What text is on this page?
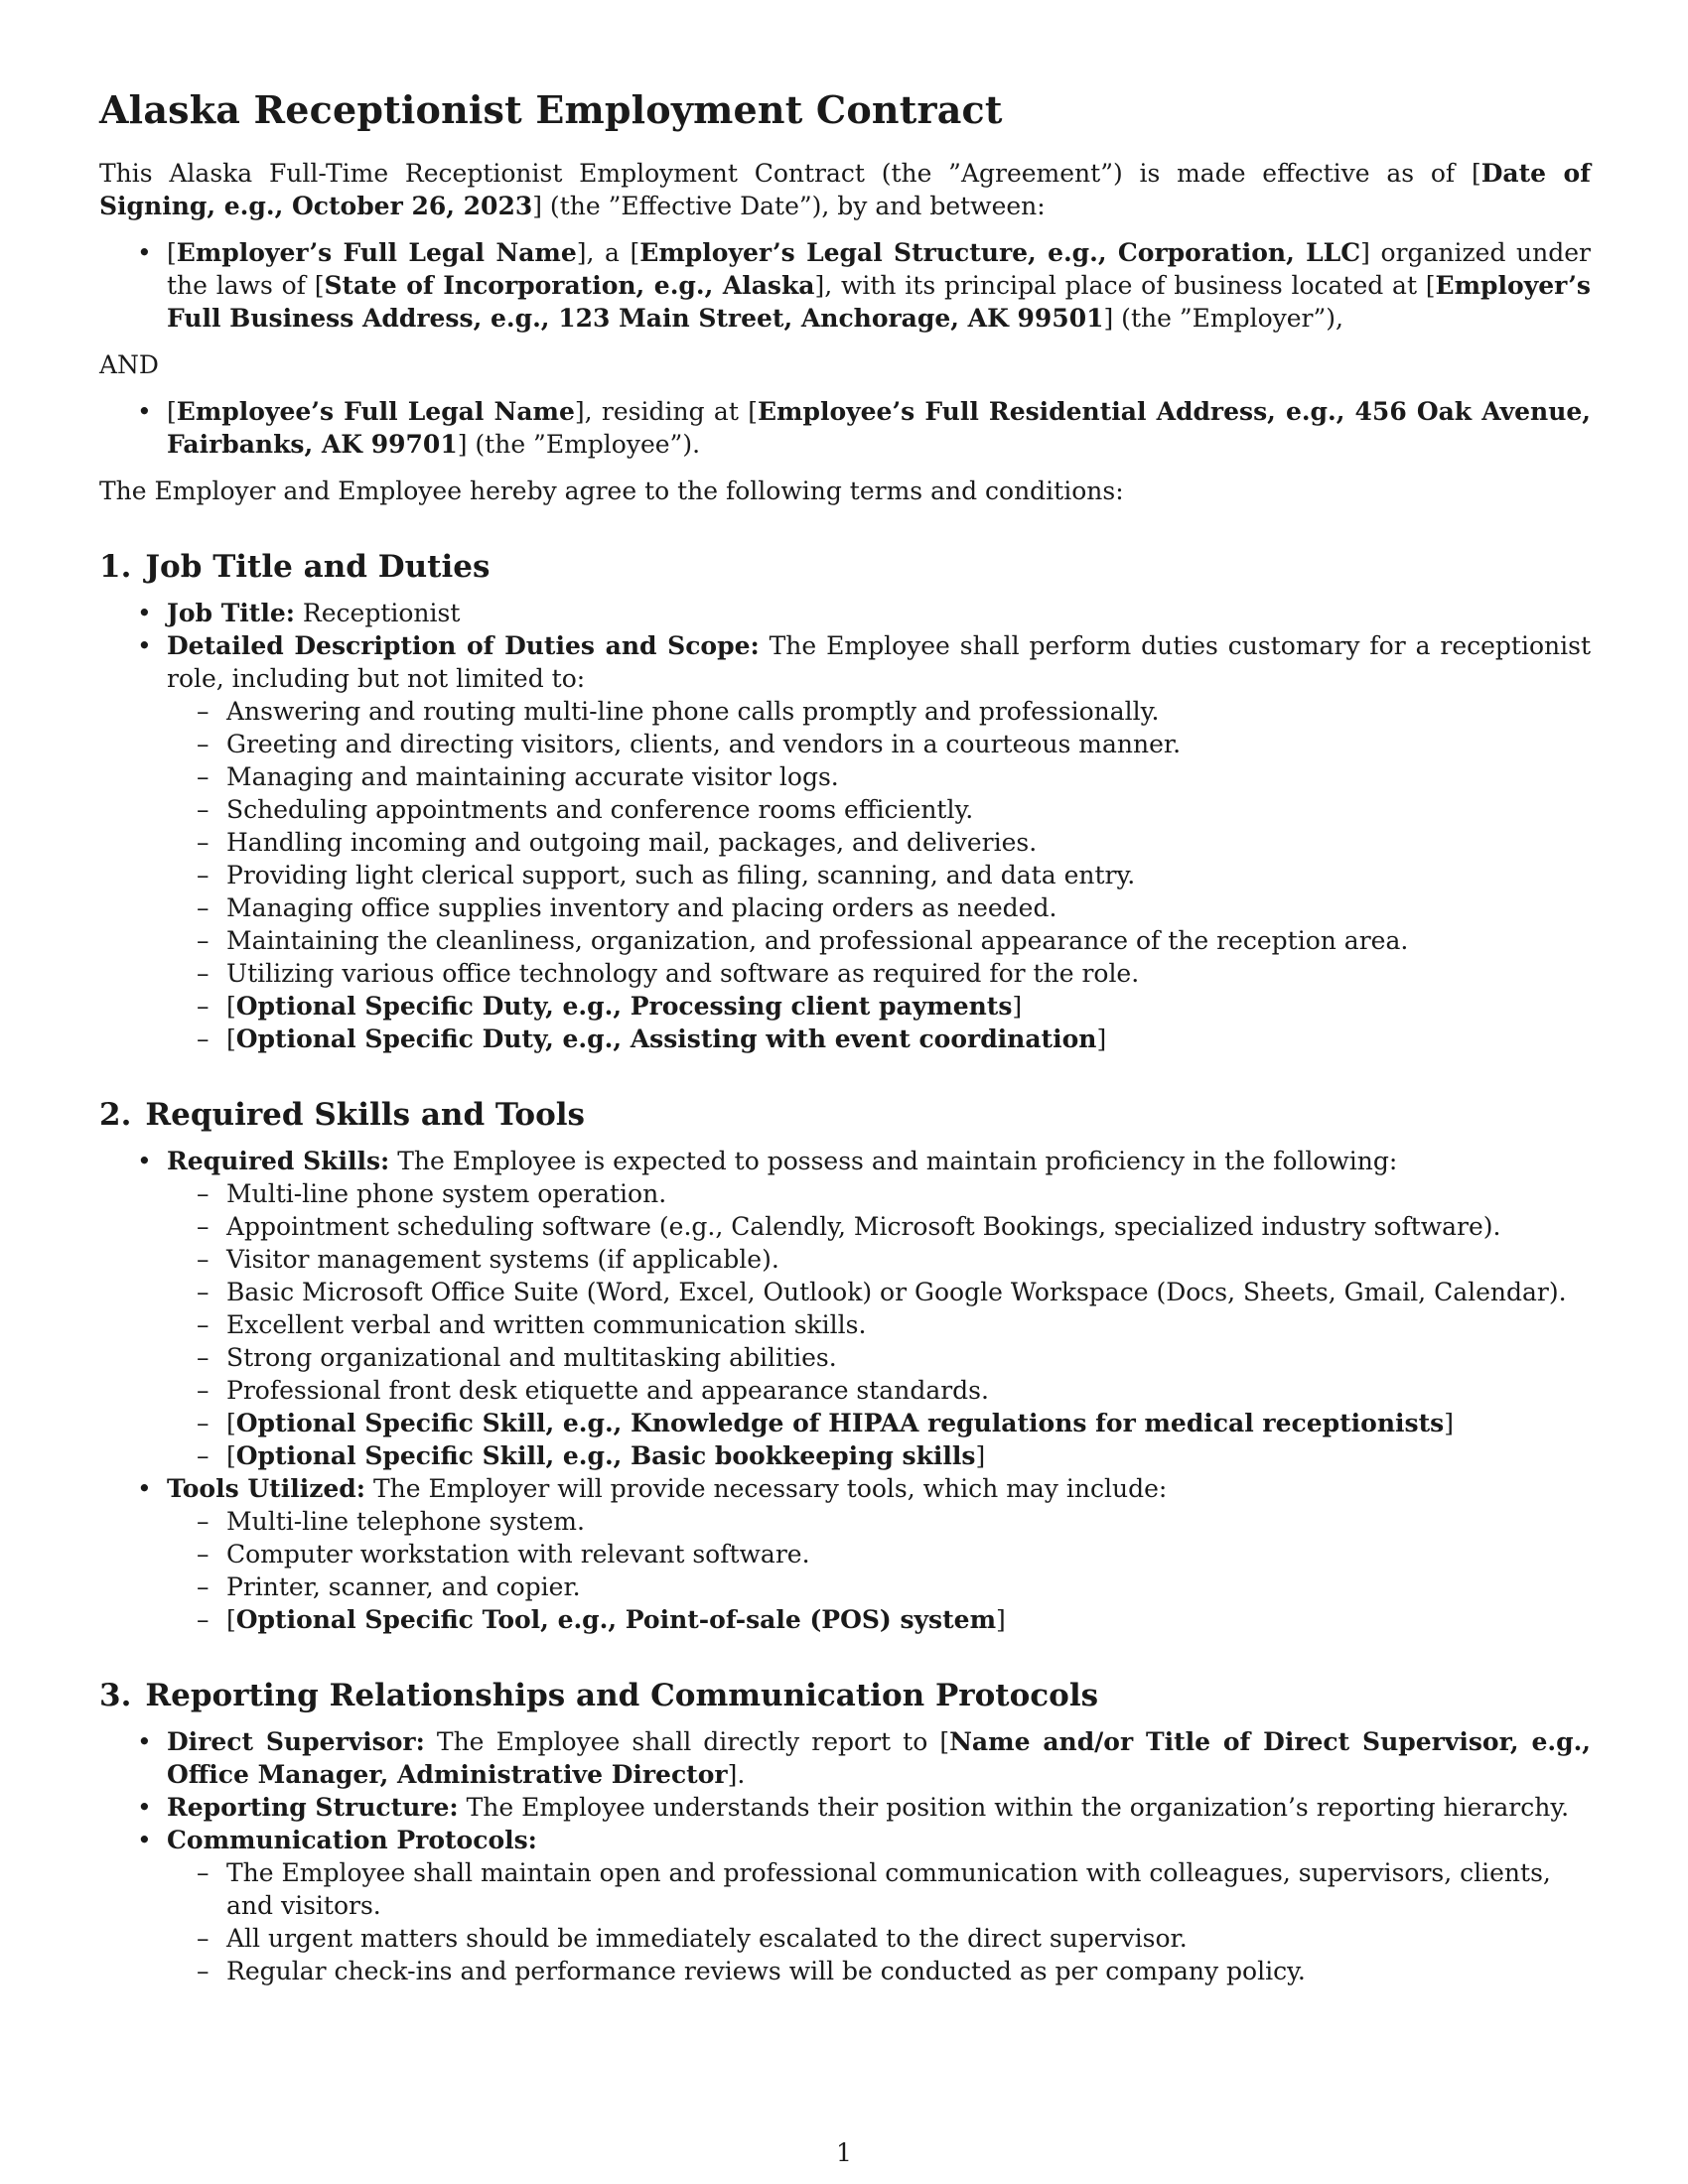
Alaska Receptionist Employment Contract

This Alaska Full-Time Receptionist Employment Contract (the ”Agreement”) is made effective as of [Date of Signing, e.g., October 26, 2023] (the ”Effective Date”), by and between:

• [Employer’s Full Legal Name], a [Employer’s Legal Structure, e.g., Corporation, LLC] organized under the laws of [State of Incorporation, e.g., Alaska], with its principal place of business located at [Employer’s Full Business Address, e.g., 123 Main Street, Anchorage, AK 99501] (the ”Employer”),
AND
• [Employee’s Full Legal Name], residing at [Employee’s Full Residential Address, e.g., 456 Oak Avenue, Fairbanks, AK 99701] (the ”Employee”).

The Employer and Employee hereby agree to the following terms and conditions:

1. Job Title and Duties
• Job Title: Receptionist
• Detailed Description of Duties and Scope: The Employee shall perform duties customary for a receptionist role, including but not limited to:
– Answering and routing multi-line phone calls promptly and professionally.
– Greeting and directing visitors, clients, and vendors in a courteous manner.
– Managing and maintaining accurate visitor logs.
– Scheduling appointments and conference rooms efficiently.
– Handling incoming and outgoing mail, packages, and deliveries.
– Providing light clerical support, such as filing, scanning, and data entry.
– Managing office supplies inventory and placing orders as needed.
– Maintaining the cleanliness, organization, and professional appearance of the reception area.
– Utilizing various office technology and software as required for the role.
– [Optional Specific Duty, e.g., Processing client payments]
– [Optional Specific Duty, e.g., Assisting with event coordination]
2. Required Skills and Tools
• Required Skills: The Employee is expected to possess and maintain proficiency in the following:
– Multi-line phone system operation.
– Appointment scheduling software (e.g., Calendly, Microsoft Bookings, specialized industry software).
– Visitor management systems (if applicable).
– Basic Microsoft Office Suite (Word, Excel, Outlook) or Google Workspace (Docs, Sheets, Gmail, Calendar).
– Excellent verbal and written communication skills.
– Strong organizational and multitasking abilities.
– Professional front desk etiquette and appearance standards.
– [Optional Specific Skill, e.g., Knowledge of HIPAA regulations for medical receptionists]
– [Optional Specific Skill, e.g., Basic bookkeeping skills]
• Tools Utilized: The Employer will provide necessary tools, which may include:
– Multi-line telephone system.
– Computer workstation with relevant software.
– Printer, scanner, and copier.
– [Optional Specific Tool, e.g., Point-of-sale (POS) system]
3. Reporting Relationships and Communication Protocols
• Direct Supervisor: The Employee shall directly report to [Name and/or Title of Direct Supervisor, e.g., Office Manager, Administrative Director].
• Reporting Structure: The Employee understands their position within the organization’s reporting hierarchy.
• Communication Protocols:
– The Employee shall maintain open and professional communication with colleagues, supervisors, clients, and visitors.
– All urgent matters should be immediately escalated to the direct supervisor.
– Regular check-ins and performance reviews will be conducted as per company policy.
1
